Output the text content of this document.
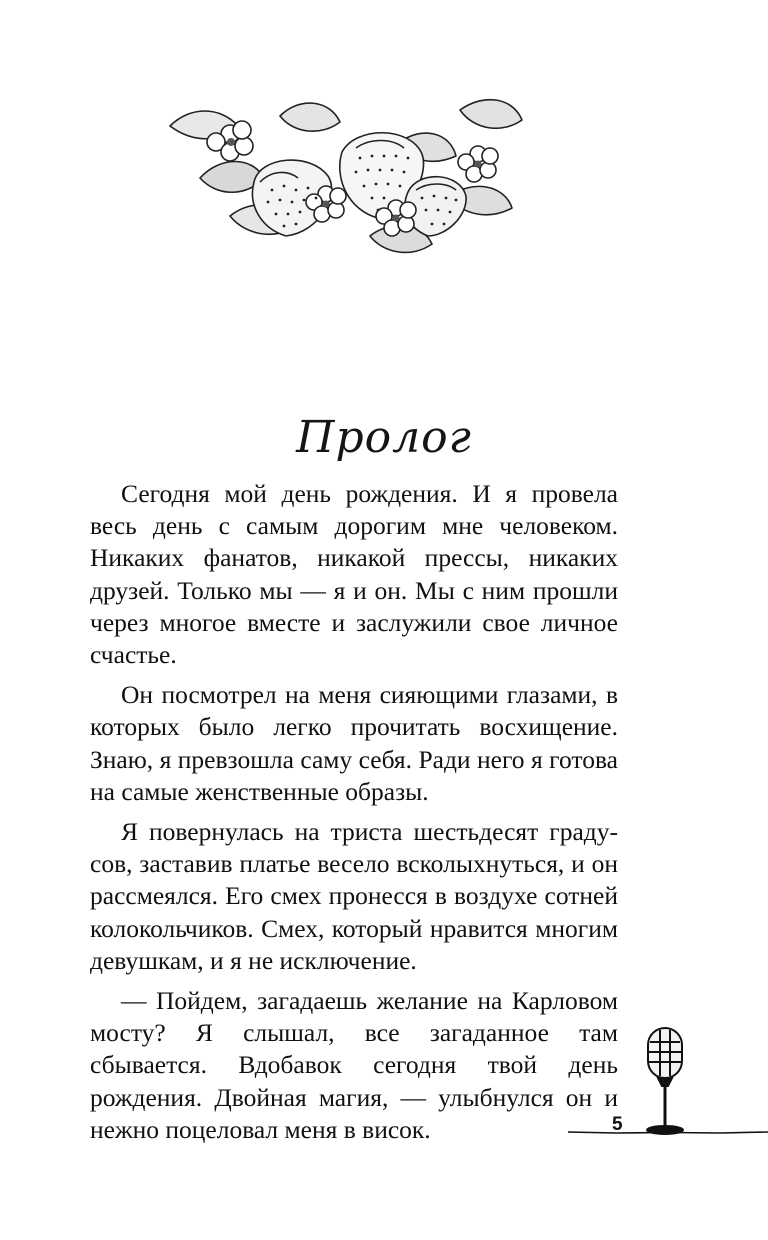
Пролог

Сегодня мой день рождения. И я провела весь день с самым дорогим мне человеком. Никаких фанатов, никакой прессы, никаких друзей. Только мы — я и он. Мы с ним прошли через многое вместе и заслужили свое личное счастье.

Он посмотрел на меня сияющими глазами, в которых было легко прочитать восхищение. Знаю, я превзошла саму себя. Ради него я готова на самые женственные образы.

Я повернулась на триста шестьдесят градусов, заставив платье весело всколыхнуться, и он рассмеялся. Его смех пронесся в воздухе сотней колокольчиков. Смех, который нравится многим девушкам, и я не исключение.

— Пойдем, загадаешь желание на Карловом мосту? Я слышал, все загаданное там сбывается. Вдобавок сегодня твой день рождения. Двойная магия, — улыбнулся он и нежно поцеловал меня в висок.	5
